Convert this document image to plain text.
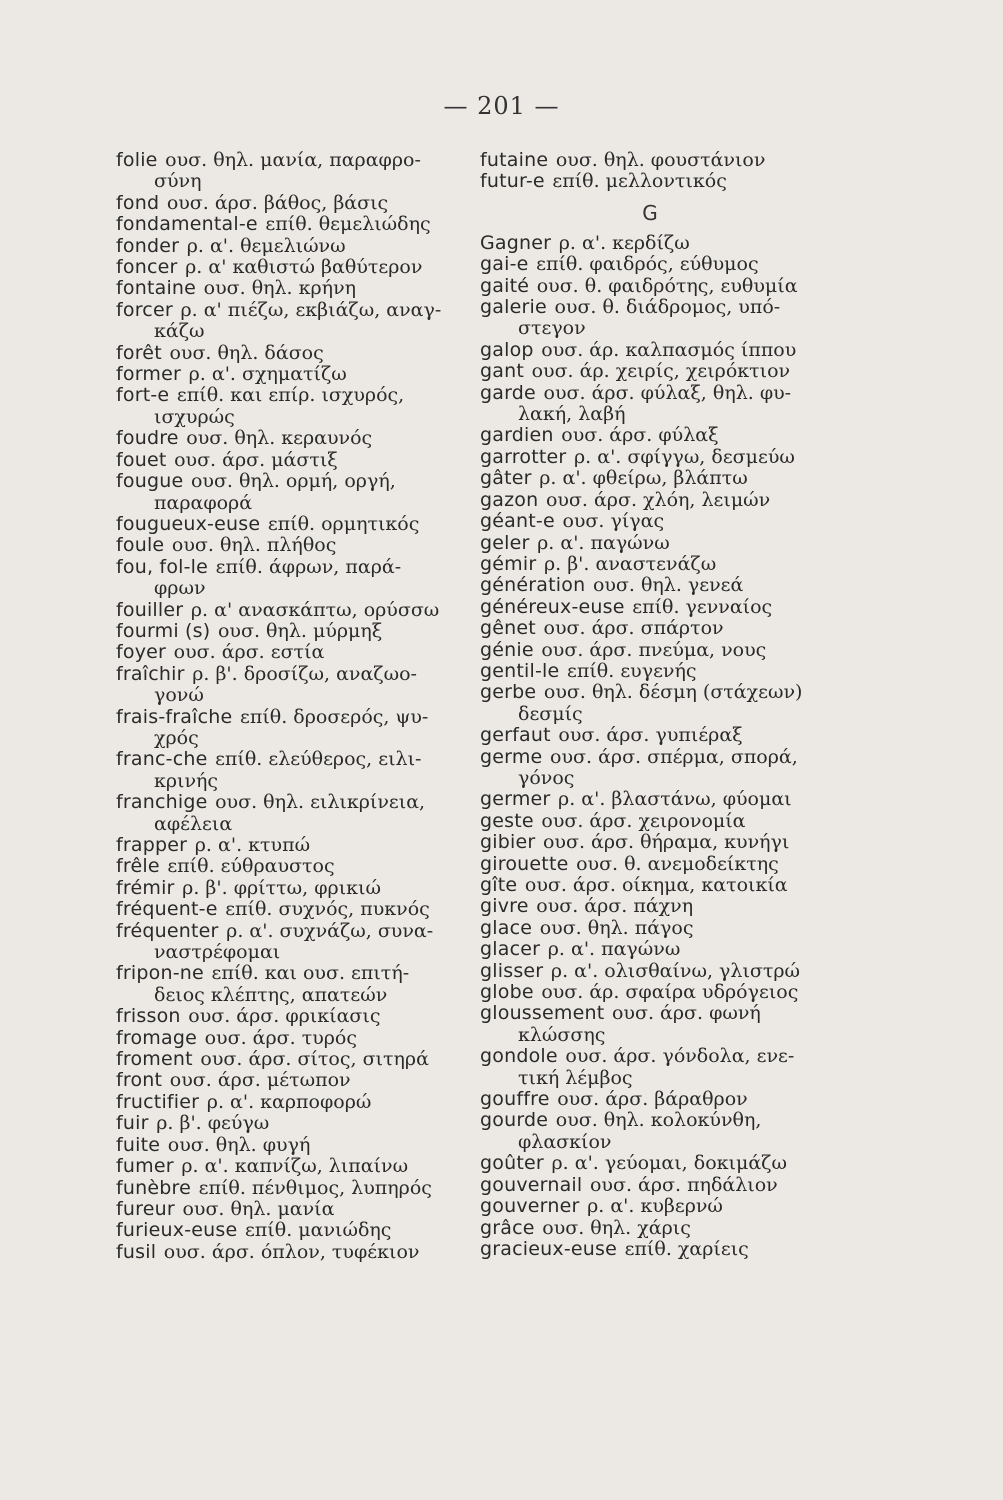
— 201 —
folie ουσ. θηλ. μανία, παραφρο-
σύνη
fond ουσ. άρσ. βάθος, βάσις
fondamental-e επίθ. θεμελιώδης
fonder ρ. α'. θεμελιώνω
foncer ρ. α' καθιστώ βαθύτερον
fontaine ουσ. θηλ. κρήνη
forcer ρ. α' πιέζω, εκβιάζω, αναγ-
κάζω
forêt ουσ. θηλ. δάσος
former ρ. α'. σχηματίζω
fort-e επίθ. και επίρ. ισχυρός,
ισχυρώς
foudre ουσ. θηλ. κεραυνός
fouet ουσ. άρσ. μάστιξ
fougue ουσ. θηλ. ορμή, οργή,
παραφορά
fougueux-euse επίθ. ορμητικός
foule ουσ. θηλ. πλήθος
fou, fol-le επίθ. άφρων, παρά-
φρων
fouiller ρ. α' ανασκάπτω, ορύσσω
fourmi (s) ουσ. θηλ. μύρμηξ
foyer ουσ. άρσ. εστία
fraîchir ρ. β'. δροσίζω, αναζωο-
γονώ
frais-fraîche επίθ. δροσερός, ψυ-
χρός
franc-che επίθ. ελεύθερος, ειλι-
κρινής
franchige ουσ. θηλ. ειλικρίνεια,
αφέλεια
frapper ρ. α'. κτυπώ
frêle επίθ. εύθραυστος
frémir ρ. β'. φρίττω, φρικιώ
fréquent-e επίθ. συχνός, πυκνός
fréquenter ρ. α'. συχνάζω, συνα-
ναστρέφομαι
fripon-ne επίθ. και ουσ. επιτή-
δειος κλέπτης, απατεών
frisson ουσ. άρσ. φρικίασις
fromage ουσ. άρσ. τυρός
froment ουσ. άρσ. σίτος, σιτηρά
front ουσ. άρσ. μέτωπον
fructifier ρ. α'. καρποφορώ
fuir ρ. β'. φεύγω
fuite ουσ. θηλ. φυγή
fumer ρ. α'. καπνίζω, λιπαίνω
funèbre επίθ. πένθιμος, λυπηρός
fureur ουσ. θηλ. μανία
furieux-euse επίθ. μανιώδης
fusil ουσ. άρσ. όπλον, τυφέκιον
futaine ουσ. θηλ. φουστάνιον
futur-e επίθ. μελλοντικός
G
Gagner ρ. α'. κερδίζω
gai-e επίθ. φαιδρός, εύθυμος
gaité ουσ. θ. φαιδρότης, ευθυμία
galerie ουσ. θ. διάδρομος, υπό-
στεγον
galop ουσ. άρ. καλπασμός ίππου
gant ουσ. άρ. χειρίς, χειρόκτιον
garde ουσ. άρσ. φύλαξ, θηλ. φυ-
λακή, λαβή
gardien ουσ. άρσ. φύλαξ
garrotter ρ. α'. σφίγγω, δεσμεύω
gâter ρ. α'. φθείρω, βλάπτω
gazon ουσ. άρσ. χλόη, λειμών
géant-e ουσ. γίγας
geler ρ. α'. παγώνω
gémir ρ. β'. αναστενάζω
génération ουσ. θηλ. γενεά
généreux-euse επίθ. γενναίος
gênet ουσ. άρσ. σπάρτον
génie ουσ. άρσ. πνεύμα, νους
gentil-le επίθ. ευγενής
gerbe ουσ. θηλ. δέσμη (στάχεων)
δεσμίς
gerfaut ουσ. άρσ. γυπιέραξ
germe ουσ. άρσ. σπέρμα, σπορά,
γόνος
germer ρ. α'. βλαστάνω, φύομαι
geste ουσ. άρσ. χειρονομία
gibier ουσ. άρσ. θήραμα, κυνήγι
girouette ουσ. θ. ανεμοδείκτης
gîte ουσ. άρσ. οίκημα, κατοικία
givre ουσ. άρσ. πάχνη
glace ουσ. θηλ. πάγος
glacer ρ. α'. παγώνω
glisser ρ. α'. ολισθαίνω, γλιστρώ
globe ουσ. άρ. σφαίρα υδρόγειος
gloussement ουσ. άρσ. φωνή
κλώσσης
gondole ουσ. άρσ. γόνδολα, ενε-
τική λέμβος
gouffre ουσ. άρσ. βάραθρον
gourde ουσ. θηλ. κολοκύνθη,
φλασκίον
goûter ρ. α'. γεύομαι, δοκιμάζω
gouvernail ουσ. άρσ. πηδάλιον
gouverner ρ. α'. κυβερνώ
grâce ουσ. θηλ. χάρις
gracieux-euse επίθ. χαρίεις
